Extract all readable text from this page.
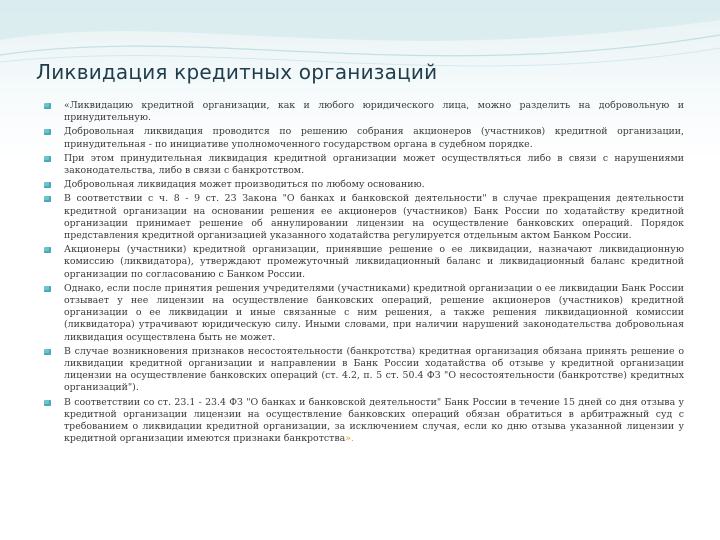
Ликвидация кредитных организаций
«Ликвидацию кредитной организации, как и любого юридического лица, можно разделить на добровольную и принудительную.
Добровольная ликвидация проводится по решению собрания акционеров (участников) кредитной организации, принудительная - по инициативе уполномоченного государством органа в судебном порядке.
При этом принудительная ликвидация кредитной организации может осуществляться либо в связи с нарушениями законодательства, либо в связи с банкротством.
Добровольная ликвидация может производиться по любому основанию.
В соответствии с ч. 8 - 9 ст. 23 Закона "О банках и банковской деятельности" в случае прекращения деятельности кредитной организации на основании решения ее акционеров (участников) Банк России по ходатайству кредитной организации принимает решение об аннулировании лицензии на осуществление банковских операций. Порядок представления кредитной организацией указанного ходатайства регулируется отдельным актом Банком России.
Акционеры (участники) кредитной организации, принявшие решение о ее ликвидации, назначают ликвидационную комиссию (ликвидатора), утверждают промежуточный ликвидационный баланс и ликвидационный баланс кредитной организации по согласованию с Банком России.
Однако, если после принятия решения учредителями (участниками) кредитной организации о ее ликвидации Банк России отзывает у нее лицензии на осуществление банковских операций, решение акционеров (участников) кредитной организации о ее ликвидации и иные связанные с ним решения, а также решения ликвидационной комиссии (ликвидатора) утрачивают юридическую силу. Иными словами, при наличии нарушений законодательства добровольная ликвидация осуществлена быть не может.
В случае возникновения признаков несостоятельности (банкротства) кредитная организация обязана принять решение о ликвидации кредитной организации и направлении в Банк России ходатайства об отзыве у кредитной организации лицензии на осуществление банковских операций (ст. 4.2, п. 5 ст. 50.4 ФЗ "О несостоятельности (банкротстве) кредитных организаций").
В соответствии со ст. 23.1 - 23.4 ФЗ "О банках и банковской деятельности" Банк России в течение 15 дней со дня отзыва у кредитной организации лицензии на осуществление банковских операций обязан обратиться в арбитражный суд с требованием о ликвидации кредитной организации, за исключением случая, если ко дню отзыва указанной лицензии у кредитной организации имеются признаки банкротства».
